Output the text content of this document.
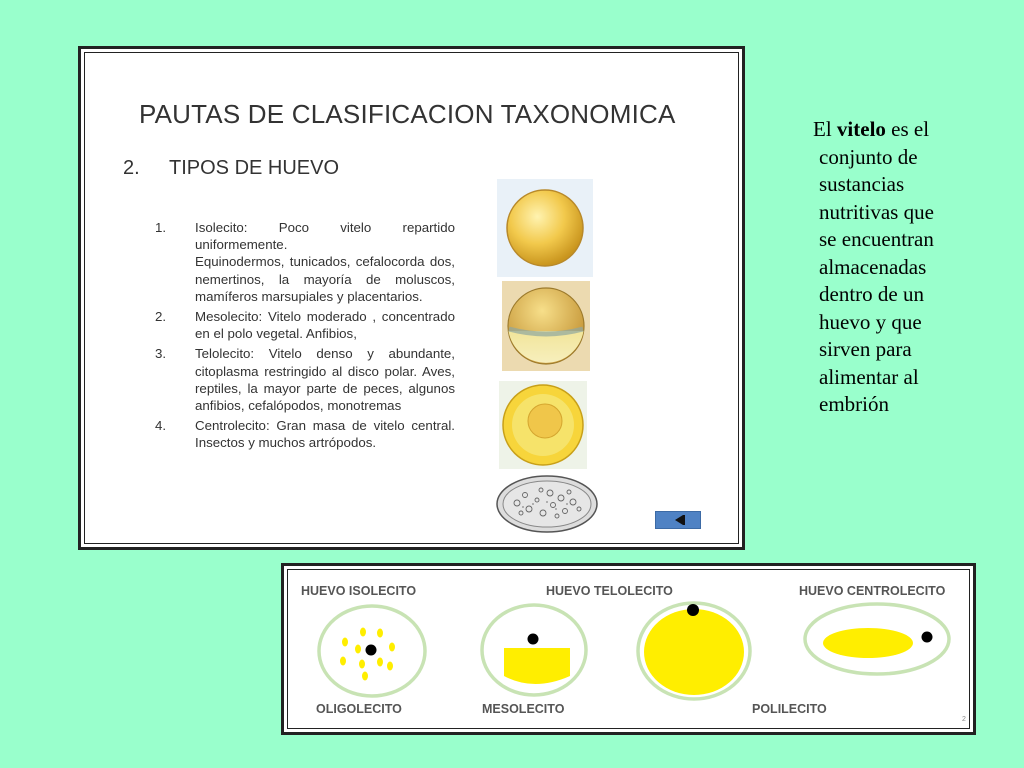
PAUTAS DE CLASIFICACION TAXONOMICA
2. TIPOS DE HUEVO
1. Isolecito: Poco vitelo repartido uniformemente.
Equinodermos, tunicados, cefalocorda dos, nemertinos, la mayoría de moluscos, mamíferos marsupiales y placentarios.
2. Mesolecito: Vitelo moderado , concentrado en el polo vegetal. Anfibios,
3. Telolecito: Vitelo denso y abundante, citoplasma restringido al disco polar. Aves, reptiles, la mayor parte de peces, algunos anfibios, cefalópodos, monotremas
4. Centrolecito: Gran masa de vitelo central. Insectos y muchos artrópodos.
El vitelo es el
conjunto de
sustancias
nutritivas que
se encuentran
almacenadas
dentro de un
huevo y que
sirven para
alimentar al
embrión
HUEVO ISOLECITO	HUEVO TELOLECITO	HUEVO CENTROLECITO
OLIGOLECITO	MESOLECITO	POLILECITO
2
